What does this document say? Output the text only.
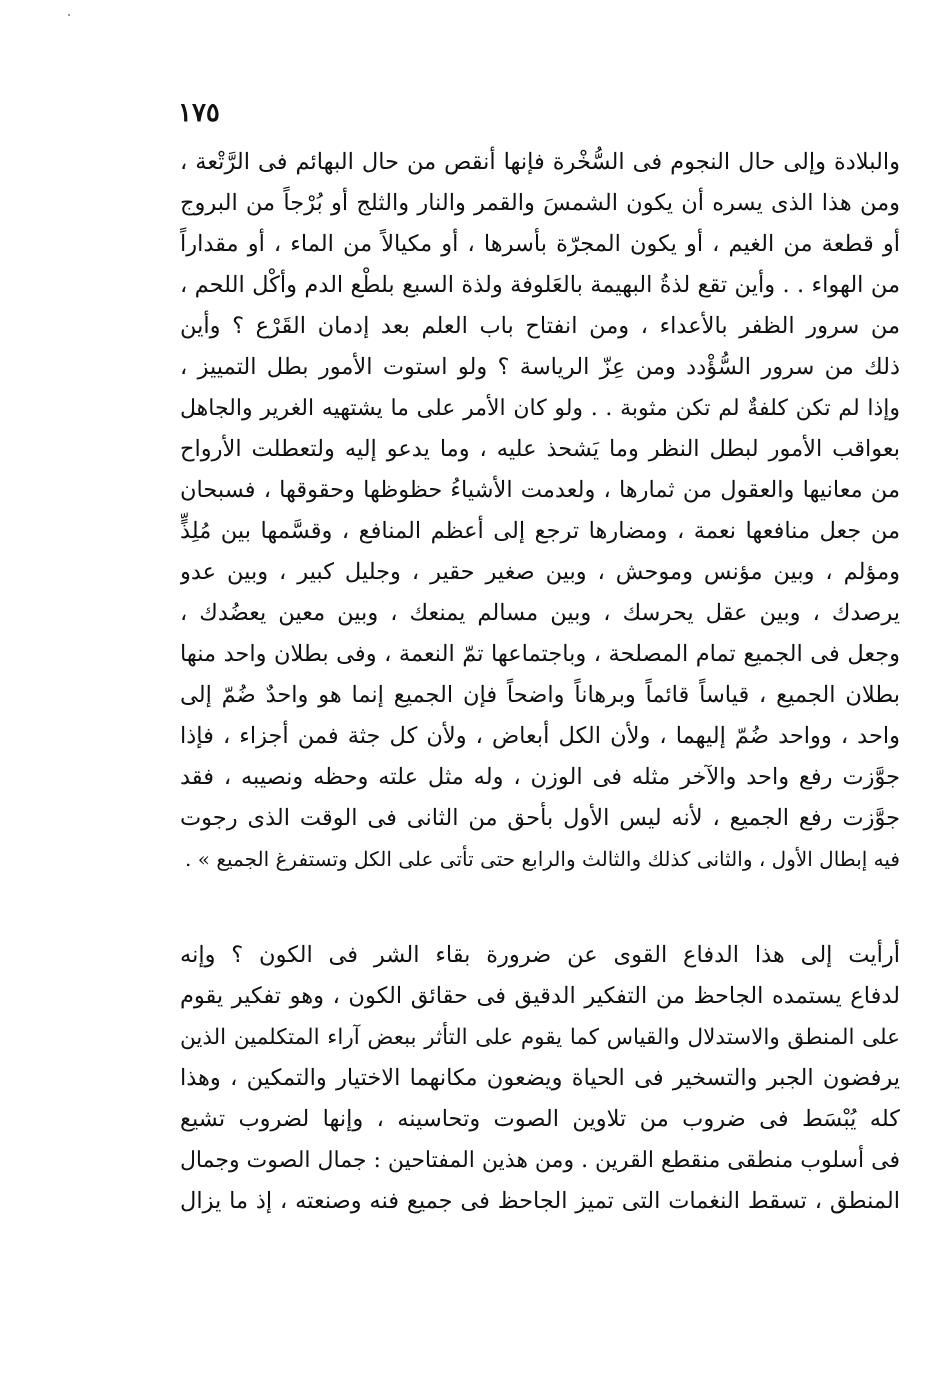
١٧٥
والبلادة وإلى حال النجوم فى السُّخْرة فإنها أنقص من حال البهائم فى الرَّتْعة ،
ومن هذا الذى يسره أن يكون الشمسَ والقمر والنار والثلج أو بُرْجاً من البروج
أو قطعة من الغيم ، أو يكون المجرّة بأسرها ، أو مكيالاً من الماء ، أو مقداراً
من الهواء . . وأين تقع لذةُ البهيمة بالعَلوفة ولذة السبع بلطْع الدم وأكْل اللحم ،
من سرور الظفر بالأعداء ، ومن انفتاح باب العلم بعد إدمان القَرْع ؟ وأين
ذلك من سرور السُّؤْدد ومن عِزّ الرياسة ؟ ولو استوت الأمور بطل التمييز ،
وإذا لم تكن كلفةٌ لم تكن مثوبة . . ولو كان الأمر على ما يشتهيه الغرير والجاهل
بعواقب الأمور لبطل النظر وما يَشحذ عليه ، وما يدعو إليه ولتعطلت الأرواح
من معانيها والعقول من ثمارها ، ولعدمت الأشياءُ حظوظها وحقوقها ، فسبحان
من جعل منافعها نعمة ، ومضارها ترجع إلى أعظم المنافع ، وقسَّمها بين مُلِذٍّ
ومؤلم ، وبين مؤنس وموحش ، وبين صغير حقير ، وجليل كبير ، وبين عدو
يرصدك ، وبين عقل يحرسك ، وبين مسالم يمنعك ، وبين معين يعضُدك ،
وجعل فى الجميع تمام المصلحة ، وباجتماعها تمّ النعمة ، وفى بطلان واحد منها
بطلان الجميع ، قياساً قائماً وبرهاناً واضحاً فإن الجميع إنما هو واحدٌ ضُمّ إلى
واحد ، وواحد ضُمّ إليهما ، ولأن الكل أبعاض ، ولأن كل جثة فمن أجزاء ، فإذا
جوَّزت رفع واحد والآخر مثله فى الوزن ، وله مثل علته وحظه ونصيبه ، فقد
جوَّزت رفع الجميع ، لأنه ليس الأول بأحق من الثانى فى الوقت الذى رجوت
فيه إبطال الأول ، والثانى كذلك والثالث والرابع حتى تأتى على الكل وتستفرغ الجميع » .
أرأيت إلى هذا الدفاع القوى عن ضرورة بقاء الشر فى الكون ؟ وإنه
لدفاع يستمده الجاحظ من التفكير الدقيق فى حقائق الكون ، وهو تفكير يقوم
على المنطق والاستدلال والقياس كما يقوم على التأثر ببعض آراء المتكلمين الذين
يرفضون الجبر والتسخير فى الحياة ويضعون مكانهما الاختيار والتمكين ، وهذا
كله يُبْسَط فى ضروب من تلاوين الصوت وتحاسينه ، وإنها لضروب تشيع
فى أسلوب منطقى منقطع القرين . ومن هذين المفتاحين : جمال الصوت وجمال
المنطق ، تسقط النغمات التى تميز الجاحظ فى جميع فنه وصنعته ، إذ ما يزال
